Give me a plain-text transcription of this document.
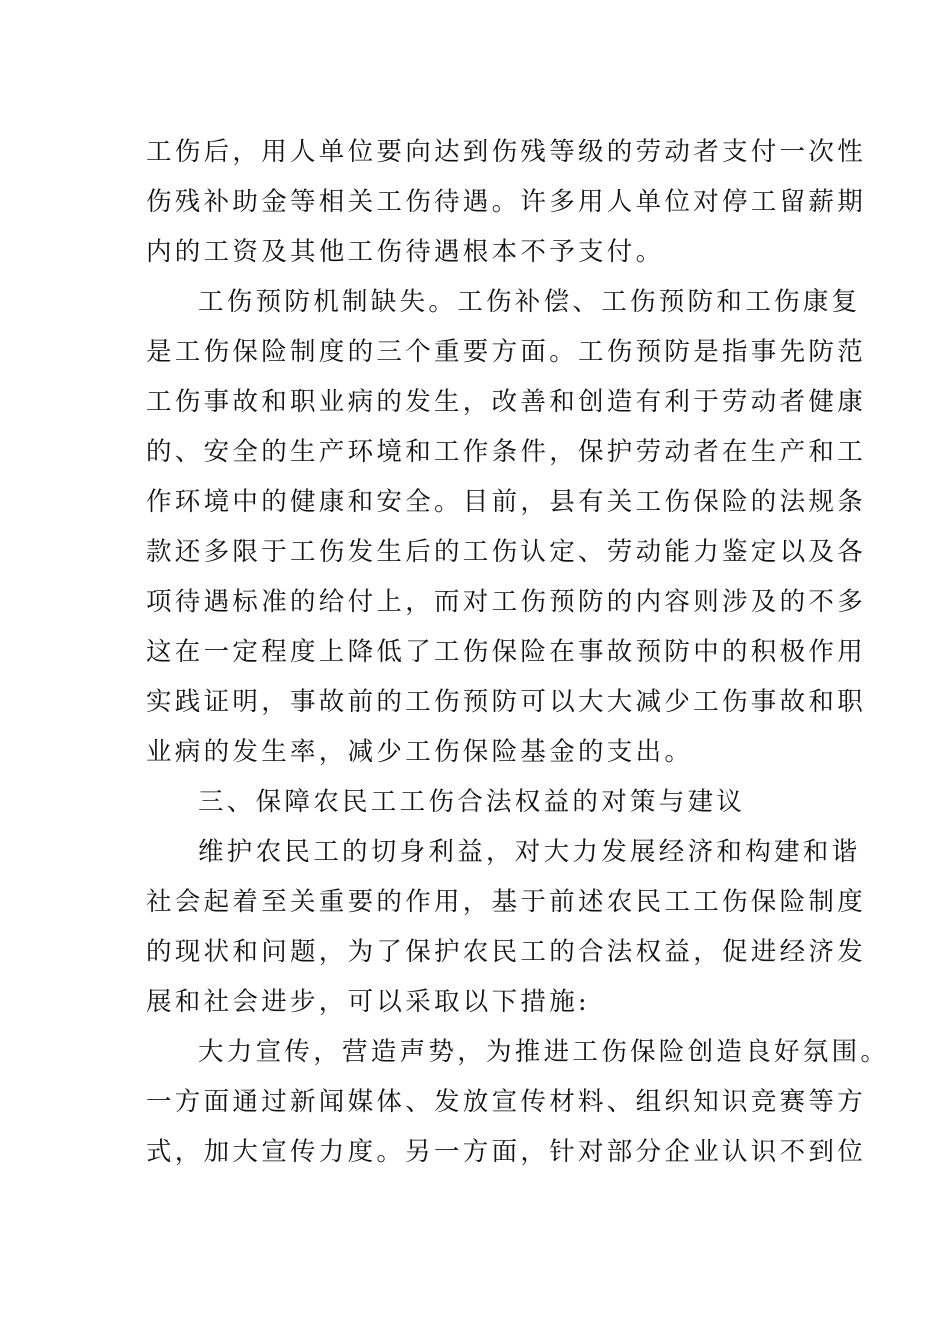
工伤后，用人单位要向达到伤残等级的劳动者支付一次性
伤残补助金等相关工伤待遇。许多用人单位对停工留薪期
内的工资及其他工伤待遇根本不予支付。
工伤预防机制缺失。工伤补偿、工伤预防和工伤康复
是工伤保险制度的三个重要方面。工伤预防是指事先防范
工伤事故和职业病的发生，改善和创造有利于劳动者健康
的、安全的生产环境和工作条件，保护劳动者在生产和工
作环境中的健康和安全。目前，县有关工伤保险的法规条
款还多限于工伤发生后的工伤认定、劳动能力鉴定以及各
项待遇标准的给付上，而对工伤预防的内容则涉及的不多
这在一定程度上降低了工伤保险在事故预防中的积极作用
实践证明，事故前的工伤预防可以大大减少工伤事故和职
业病的发生率，减少工伤保险基金的支出。
三、保障农民工工伤合法权益的对策与建议
维护农民工的切身利益，对大力发展经济和构建和谐
社会起着至关重要的作用，基于前述农民工工伤保险制度
的现状和问题，为了保护农民工的合法权益，促进经济发
展和社会进步，可以采取以下措施:
大力宣传，营造声势，为推进工伤保险创造良好氛围。
一方面通过新闻媒体、发放宣传材料、组织知识竞赛等方
式，加大宣传力度。另一方面，针对部分企业认识不到位
